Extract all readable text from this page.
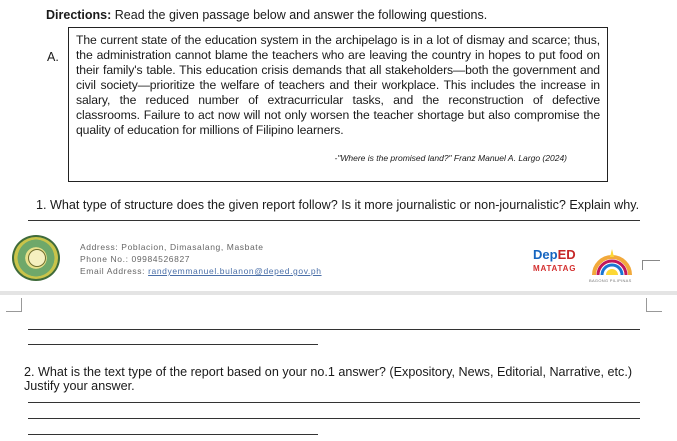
Directions: Read the given passage below and answer the following questions.
A.

The current state of the education system in the archipelago is in a lot of dismay and scarce; thus, the administration cannot blame the teachers who are leaving the country in hopes to put food on their family's table. This education crisis demands that all stakeholders—both the government and civil society—prioritize the welfare of teachers and their workplace. This includes the increase in salary, the reduced number of extracurricular tasks, and the reconstruction of defective classrooms. Failure to act now will not only worsen the teacher shortage but also compromise the quality of education for millions of Filipino learners.

-"Where is the promised land?" Franz Manuel A. Largo (2024)
1. What type of structure does the given report follow? Is it more journalistic or non-journalistic? Explain why.
Address: Poblacion, Dimasalang, Masbate
Phone No.: 09984526827
Email Address: randyemmanuel.bulanon@deped.gov.ph
DepED
MATATAG
BAGONG PILIPINAS
2. What is the text type of the report based on your no.1 answer? (Expository, News, Editorial, Narrative, etc.) Justify your answer.
